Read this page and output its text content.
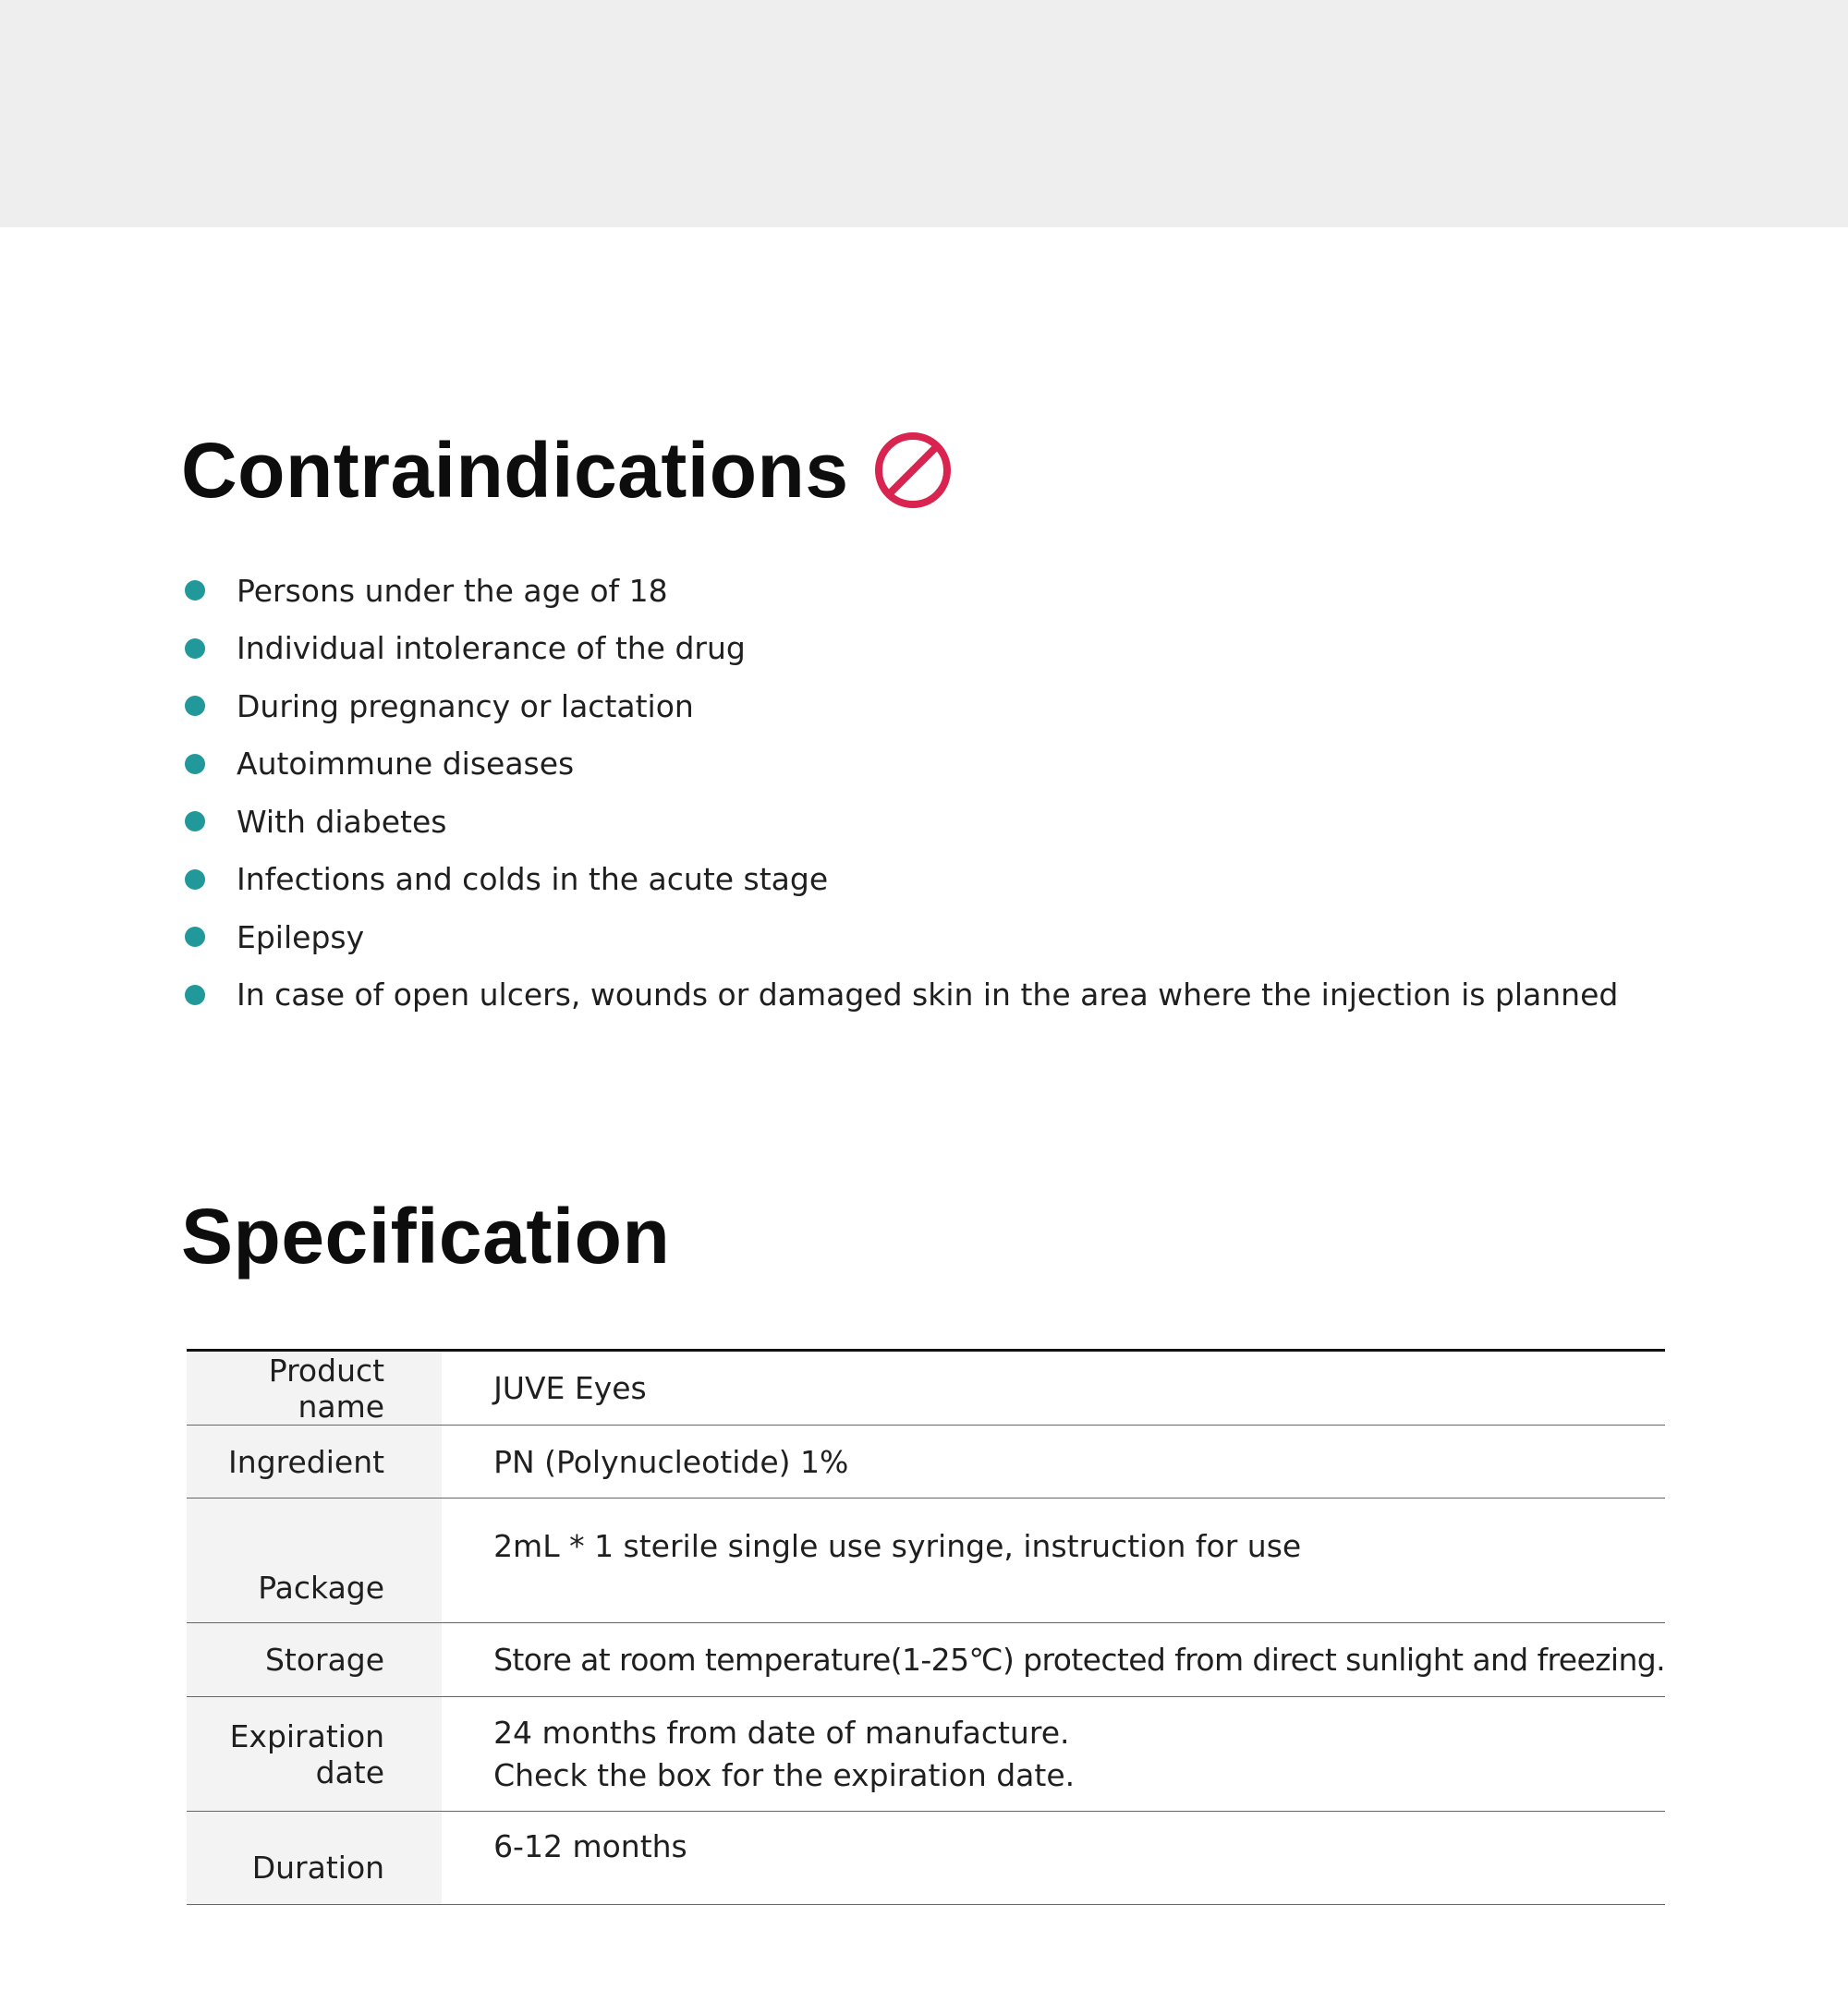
Contraindications
Persons under the age of 18
Individual intolerance of the drug
During pregnancy or lactation
Autoimmune diseases
With diabetes
Infections and colds in the acute stage
Epilepsy
In case of open ulcers, wounds or damaged skin in the area where the injection is planned
Specification
Product name	JUVE Eyes
Ingredient	PN (Polynucleotide) 1%
Package	2mL * 1 sterile single use syringe, instruction for use
Storage	Store at room temperature(1-25℃) protected from direct sunlight and freezing.
Expiration date	24 months from date of manufacture.
Check the box for the expiration date.

Duration	6-12 months
